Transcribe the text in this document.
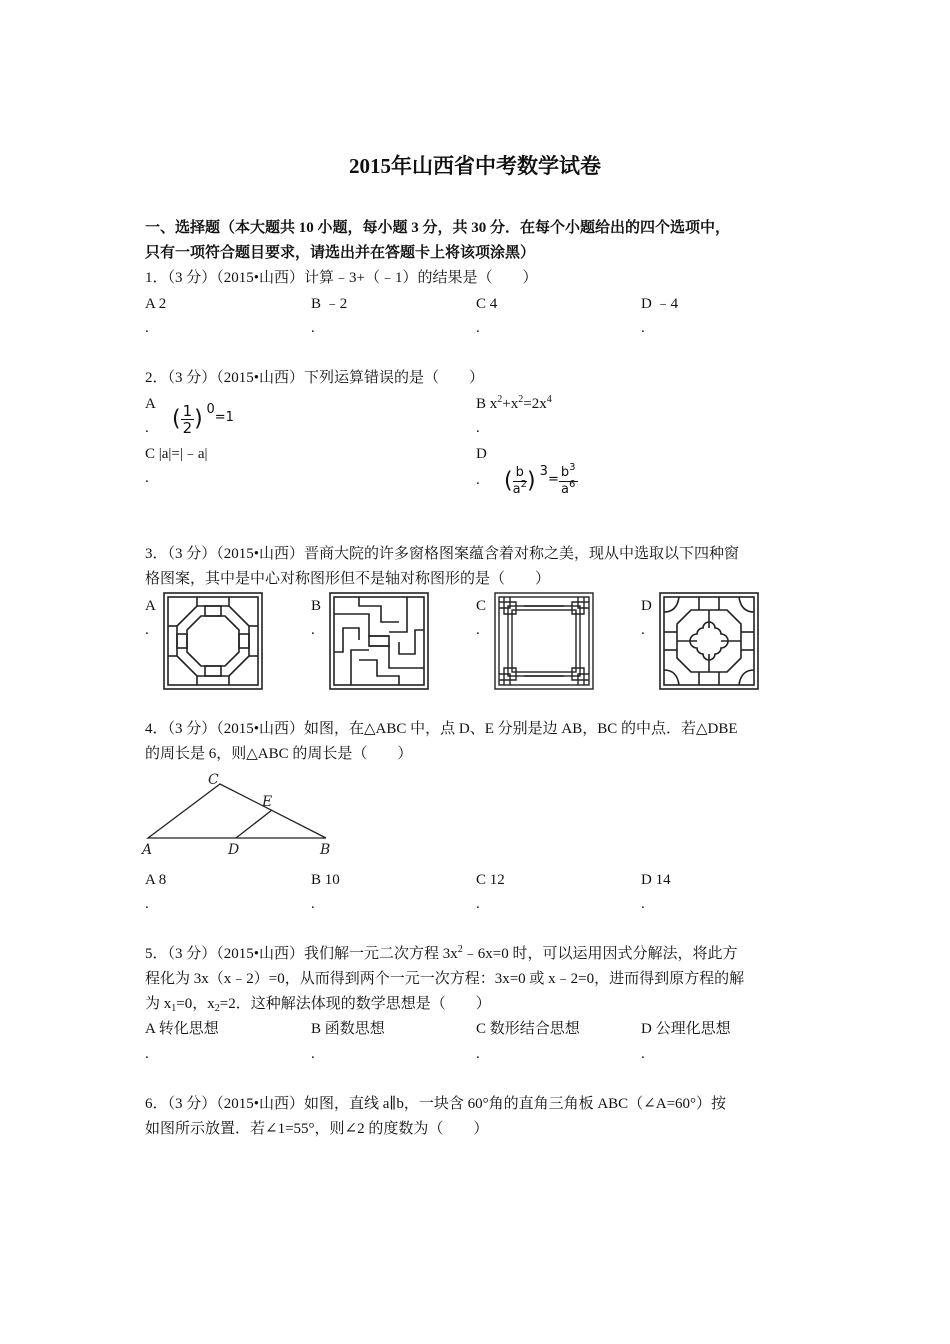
2015年山西省中考数学试卷
一、选择题（本大题共 10 小题，每小题 3 分，共 30 分．在每个小题给出的四个选项中，
只有一项符合题目要求，请选出并在答题卡上将该项涂黑）
1．（3 分）（2015•山西）计算﹣3+（﹣1）的结果是（　　）
A 2	B ﹣2	C 4	D ﹣4
.	.	.	.
2．（3 分）（2015•山西）下列运算错误的是（　　）
A
. ( $\frac{1}{2}$ ) 0=1
B $x^2+x^2=2x^4$
.
C |a|=|﹣a|
.
D
. ( $\frac{b}{a^2}$ ) $3= \frac{b^3}{a^6}$
3．（3 分）（2015•山西）晋商大院的许多窗格图案蕴含着对称之美，现从中选取以下四种窗
格图案，其中是中心对称图形但不是轴对称图形的是（　　）
A
.
B
.
C
.
D
.
4．（3 分）（2015•山西）如图，在△ABC 中，点 D、E 分别是边 AB，BC 的中点．若△DBE
的周长是 6，则△ABC 的周长是（　　）
A
C
E
D	B
A 8	B 10	C 12	D 14
.	.	.	.
5．（3 分）（2015•山西）我们解一元二次方程 $3x^2﹣6x=0$ 时，可以运用因式分解法，将此方
程化为 3x（x﹣2）=0，从而得到两个一元一次方程：3x=0 或 x﹣2=0，进而得到原方程的解
为 $x_1=0$，$x_2=2$．这种解法体现的数学思想是（　　）
A 转化思想	B 函数思想	C 数形结合思想	D 公理化思想
.	.	.	.
6．（3 分）（2015•山西）如图，直线 a∥b，一块含 60°角的直角三角板 ABC（∠A=60°）按
如图所示放置．若∠1=55°，则∠2 的度数为（　　）
